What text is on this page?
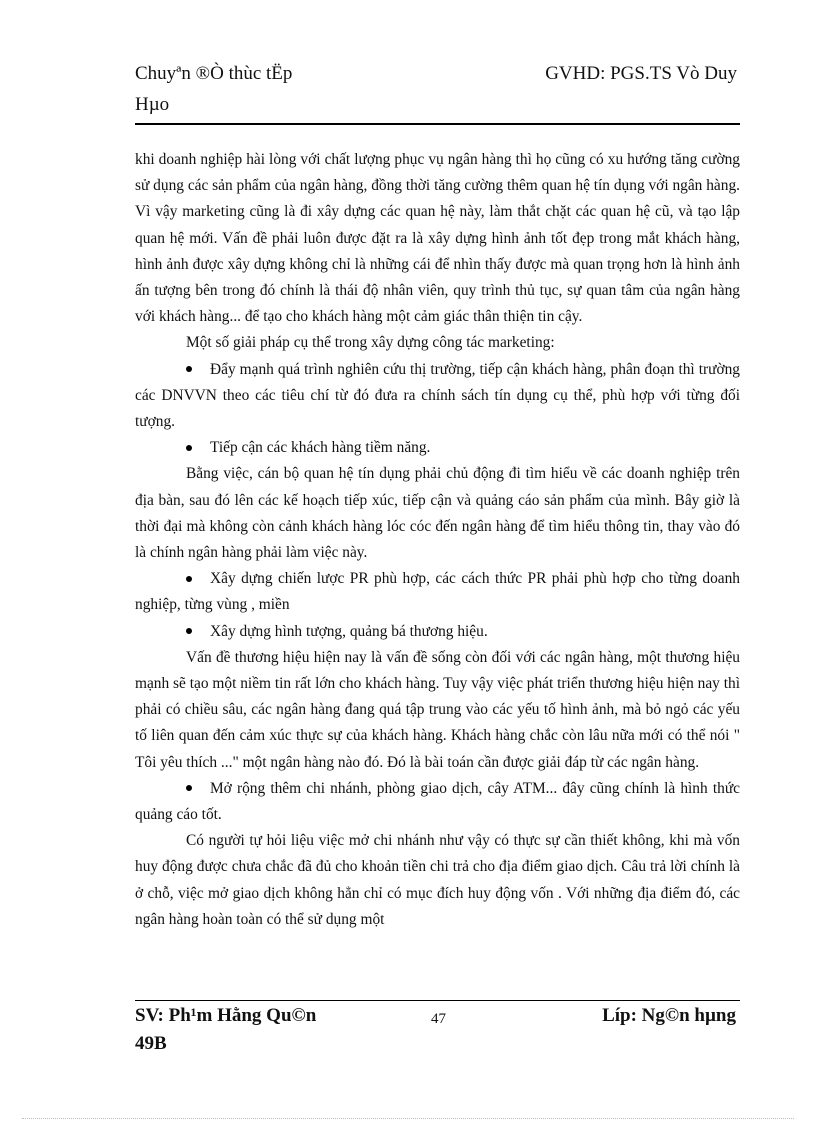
Chuyªn ®Ò thùc tËp
Hµo
GVHD: PGS.TS Vò Duy

khi doanh nghiệp hài lòng với chất lượng phục vụ ngân hàng thì họ cũng có xu hướng tăng cường sử dụng các sản phẩm của ngân hàng, đồng thời tăng cường thêm quan hệ tín dụng với ngân hàng. Vì vậy marketing cũng là đi xây dựng các quan hệ này, làm thắt chặt các quan hệ cũ, và tạo lập quan hệ mới. Vấn đề phải luôn được đặt ra là xây dựng hình ảnh tốt đẹp trong mắt khách hàng, hình ảnh được xây dựng không chỉ là những cái để nhìn thấy được mà quan trọng hơn là hình ảnh ấn tượng bên trong đó chính là thái độ nhân viên, quy trình thủ tục, sự quan tâm của ngân hàng với khách hàng... để tạo cho khách hàng một cảm giác thân thiện tin cậy.

Một số giải pháp cụ thể trong xây dựng công tác marketing:

Đẩy mạnh quá trình nghiên cứu thị trường, tiếp cận khách hàng, phân đoạn thì trường các DNVVN theo các tiêu chí từ đó đưa ra chính sách tín dụng cụ thể, phù hợp với từng đối tượng.

Tiếp cận các khách hàng tiềm năng.

Bằng việc, cán bộ quan hệ tín dụng phải chủ động đi tìm hiểu về các doanh nghiệp trên địa bàn, sau đó lên các kế hoạch tiếp xúc, tiếp cận và quảng cáo sản phẩm của mình. Bây giờ là thời đại mà không còn cảnh khách hàng lóc cóc đến ngân hàng để tìm hiểu thông tin, thay vào đó là chính ngân hàng phải làm việc này.

Xây dựng chiến lược PR phù hợp, các cách thức PR phải phù hợp cho từng doanh nghiệp, từng vùng , miền

Xây dựng hình tượng, quảng bá thương hiệu.

Vấn đề thương hiệu hiện nay là vấn đề sống còn đối với các ngân hàng, một thương hiệu mạnh sẽ tạo một niềm tin rất lớn cho khách hàng. Tuy vậy việc phát triển thương hiệu hiện nay thì phải có chiều sâu, các ngân hàng đang quá tập trung vào các yếu tố hình ảnh, mà bỏ ngỏ các yếu tố liên quan đến cảm xúc thực sự của khách hàng. Khách hàng chắc còn lâu nữa mới có thể nói " Tôi yêu thích ..." một ngân hàng nào đó. Đó là bài toán cần được giải đáp từ các ngân hàng.

Mở rộng thêm chi nhánh, phòng giao dịch, cây ATM... đây cũng chính là hình thức quảng cáo tốt.

Có người tự hỏi liệu việc mở chi nhánh như vậy có thực sự cần thiết không, khi mà vốn huy động được chưa chắc đã đủ cho khoản tiền chi trả cho địa điểm giao dịch. Câu trả lời chính là ở chỗ, việc mở giao dịch không hẳn chỉ có mục đích huy động vốn . Với những địa điểm đó, các ngân hàng hoàn toàn có thể sử dụng một

SV: Ph¹m Hằng Qu©n
49B
47	Líp: Ng©n hµng
